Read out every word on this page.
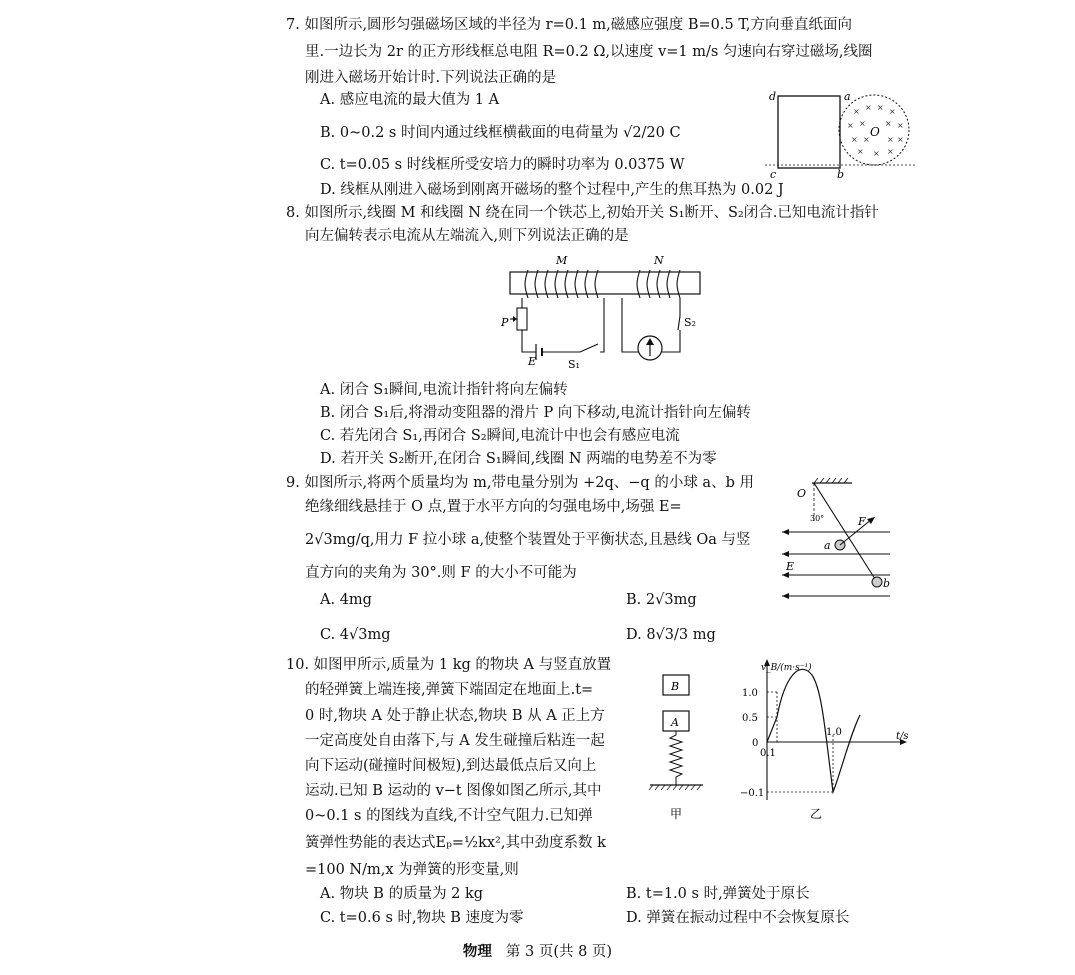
7. 如图所示,圆形匀强磁场区域的半径为 r=0.1 m,磁感应强度 B=0.5 T,方向垂直纸面向
里.一边长为 2r 的正方形线框总电阻 R=0.2 Ω,以速度 v=1 m/s 匀速向右穿过磁场,线圈
刚进入磁场开始计时.下列说法正确的是
A. 感应电流的最大值为 1 A
B. 0~0.2 s 时间内通过线框横截面的电荷量为 √2/20 C
C. t=0.05 s 时线框所受安培力的瞬时功率为 0.0375 W
D. 线框从刚进入磁场到刚离开磁场的整个过程中,产生的焦耳热为 0.02 J
× × × ×
× × × ×
× × × ×
× × ×
d	a
c	b
O
8. 如图所示,线圈 M 和线圈 N 绕在同一个铁芯上,初始开关 S₁断开、S₂闭合.已知电流计指针
向左偏转表示电流从左端流入,则下列说法正确的是
M	N
P
E	S₁
S₂
A. 闭合 S₁瞬间,电流计指针将向左偏转
B. 闭合 S₁后,将滑动变阻器的滑片 P 向下移动,电流计指针向左偏转
C. 若先闭合 S₁,再闭合 S₂瞬间,电流计中也会有感应电流
D. 若开关 S₂断开,在闭合 S₁瞬间,线圈 N 两端的电势差不为零
9. 如图所示,将两个质量均为 m,带电量分别为 +2q、−q 的小球 a、b 用
绝缘细线悬挂于 O 点,置于水平方向的匀强电场中,场强 E=
2√3mg/q,用力 F 拉小球 a,使整个装置处于平衡状态,且悬线 Oa 与竖
直方向的夹角为 30°.则 F 的大小不可能为
A. 4mg	B. 2√3mg
C. 4√3mg	D. 8√3/3 mg
O
30°	F
a
E
b
10. 如图甲所示,质量为 1 kg 的物块 A 与竖直放置
的轻弹簧上端连接,弹簧下端固定在地面上.t=
0 时,物块 A 处于静止状态,物块 B 从 A 正上方
一定高度处自由落下,与 A 发生碰撞后粘连一起
向下运动(碰撞时间极短),到达最低点后又向上
运动.已知 B 运动的 v−t 图像如图乙所示,其中
0~0.1 s 的图线为直线,不计空气阻力.已知弹
簧弹性势能的表达式Eₚ=½kx²,其中劲度系数 k
=100 N/m,x 为弹簧的形变量,则
A. 物块 B 的质量为 2 kg	B. t=1.0 s 时,弹簧处于原长
C. t=0.6 s 时,物块 B 速度为零	D. 弹簧在振动过程中不会恢复原长
B
A
甲
v_B/(m·s⁻¹)
t/s
1.0
0.5
0
0.1
1.0
−0.1
乙
物理 第 3 页(共 8 页)
